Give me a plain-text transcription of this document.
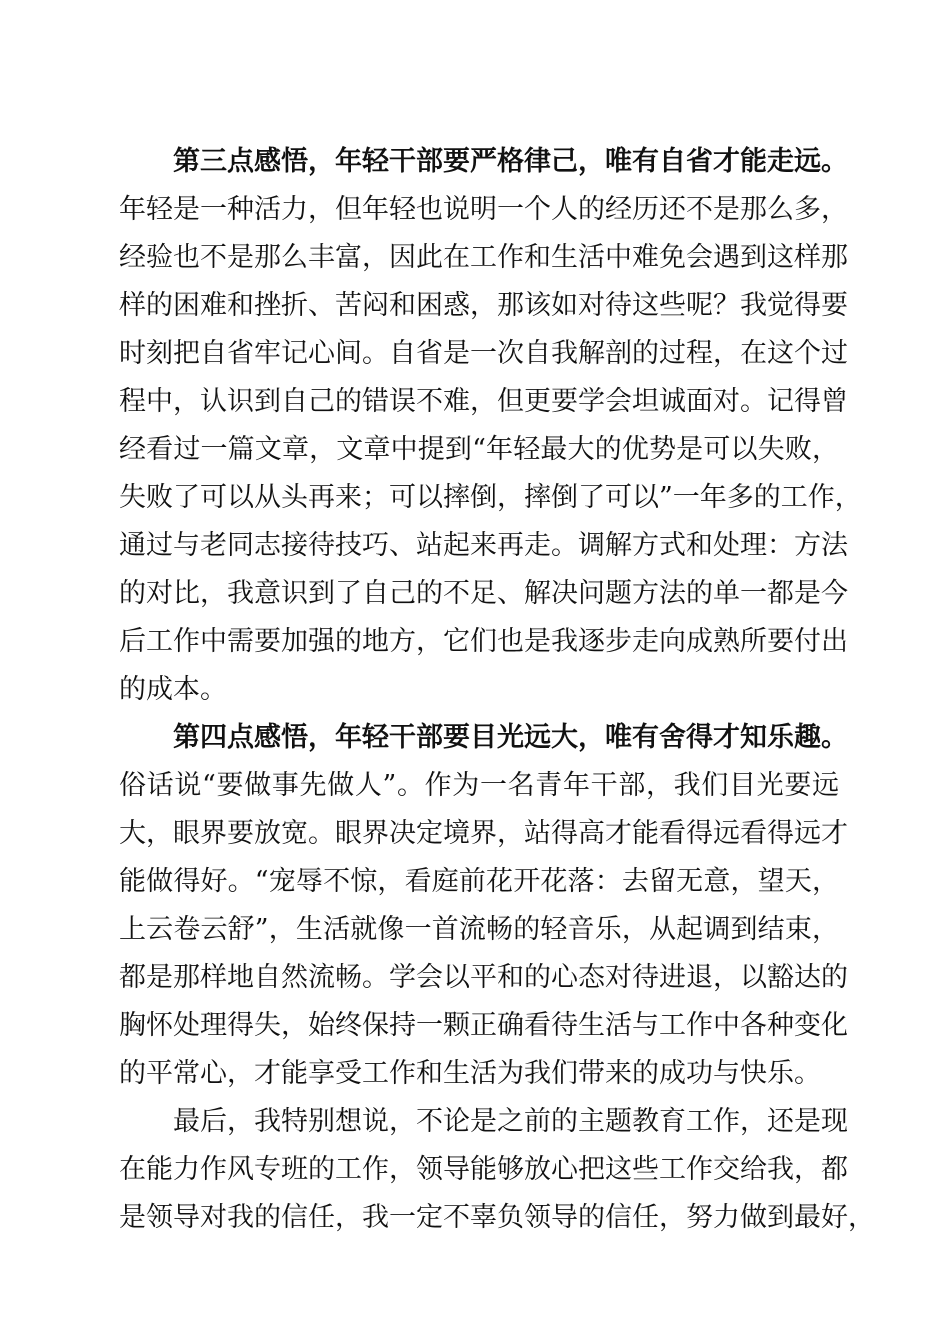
第三点感悟，年轻干部要严格律己，唯有自省才能走远。
年轻是一种活力，但年轻也说明一个人的经历还不是那么多，
经验也不是那么丰富，因此在工作和生活中难免会遇到这样那
样的困难和挫折、苦闷和困惑，那该如对待这些呢？我觉得要
时刻把自省牢记心间。自省是一次自我解剖的过程，在这个过
程中，认识到自己的错误不难，但更要学会坦诚面对。记得曾
经看过一篇文章，文章中提到“年轻最大的优势是可以失败，
失败了可以从头再来；可以摔倒，摔倒了可以”一年多的工作，
通过与老同志接待技巧、站起来再走。调解方式和处理：方法
的对比，我意识到了自己的不足、解决问题方法的单一都是今
后工作中需要加强的地方，它们也是我逐步走向成熟所要付出
的成本。
第四点感悟，年轻干部要目光远大，唯有舍得才知乐趣。
俗话说“要做事先做人”。作为一名青年干部，我们目光要远
大，眼界要放宽。眼界决定境界，站得高才能看得远看得远才
能做得好。“宠辱不惊，看庭前花开花落：去留无意，望天，
上云卷云舒”，生活就像一首流畅的轻音乐，从起调到结束，
都是那样地自然流畅。学会以平和的心态对待进退，以豁达的
胸怀处理得失，始终保持一颗正确看待生活与工作中各种变化
的平常心，才能享受工作和生活为我们带来的成功与快乐。
最后，我特别想说，不论是之前的主题教育工作，还是现
在能力作风专班的工作，领导能够放心把这些工作交给我，都
是领导对我的信任，我一定不辜负领导的信任，努力做到最好，
